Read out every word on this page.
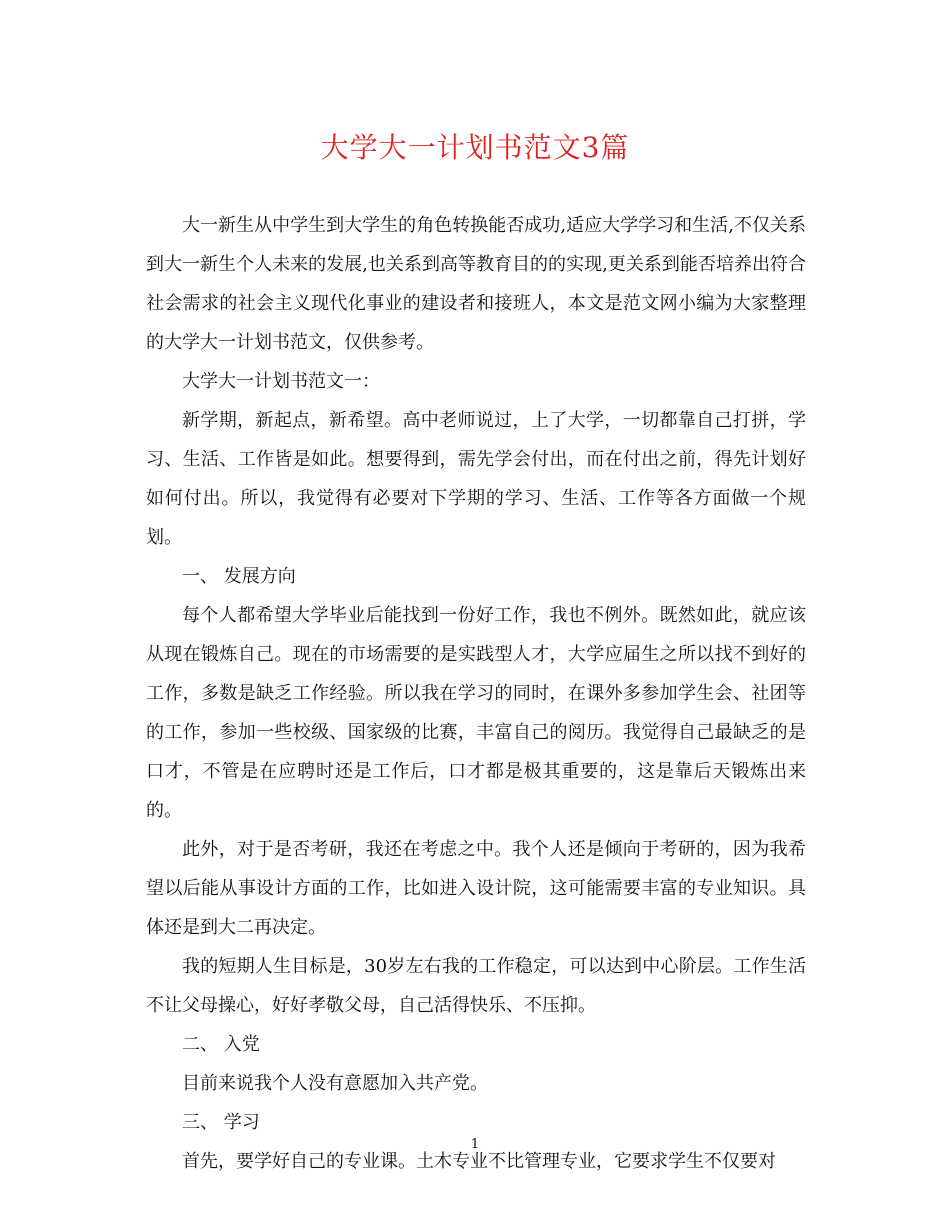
大学大一计划书范文3篇

大一新生从中学生到大学生的角色转换能否成功,适应大学学习和生活,不仅关系到大一新生个人未来的发展,也关系到高等教育目的的实现,更关系到能否培养出符合社会需求的社会主义现代化事业的建设者和接班人，本文是范文网小编为大家整理的大学大一计划书范文，仅供参考。

大学大一计划书范文一：

新学期，新起点，新希望。高中老师说过，上了大学，一切都靠自己打拼，学习、生活、工作皆是如此。想要得到，需先学会付出，而在付出之前，得先计划好如何付出。所以，我觉得有必要对下学期的学习、生活、工作等各方面做一个规划。

一、 发展方向

每个人都希望大学毕业后能找到一份好工作，我也不例外。既然如此，就应该从现在锻炼自己。现在的市场需要的是实践型人才，大学应届生之所以找不到好的工作，多数是缺乏工作经验。所以我在学习的同时，在课外多参加学生会、社团等的工作，参加一些校级、国家级的比赛，丰富自己的阅历。我觉得自己最缺乏的是口才，不管是在应聘时还是工作后，口才都是极其重要的，这是靠后天锻炼出来的。

此外，对于是否考研，我还在考虑之中。我个人还是倾向于考研的，因为我希望以后能从事设计方面的工作，比如进入设计院，这可能需要丰富的专业知识。具体还是到大二再决定。

我的短期人生目标是，30岁左右我的工作稳定，可以达到中心阶层。工作生活不让父母操心，好好孝敬父母，自己活得快乐、不压抑。

二、 入党

目前来说我个人没有意愿加入共产党。

三、 学习

首先，要学好自己的专业课。土木专业不比管理专业，它要求学生不仅要对

1
